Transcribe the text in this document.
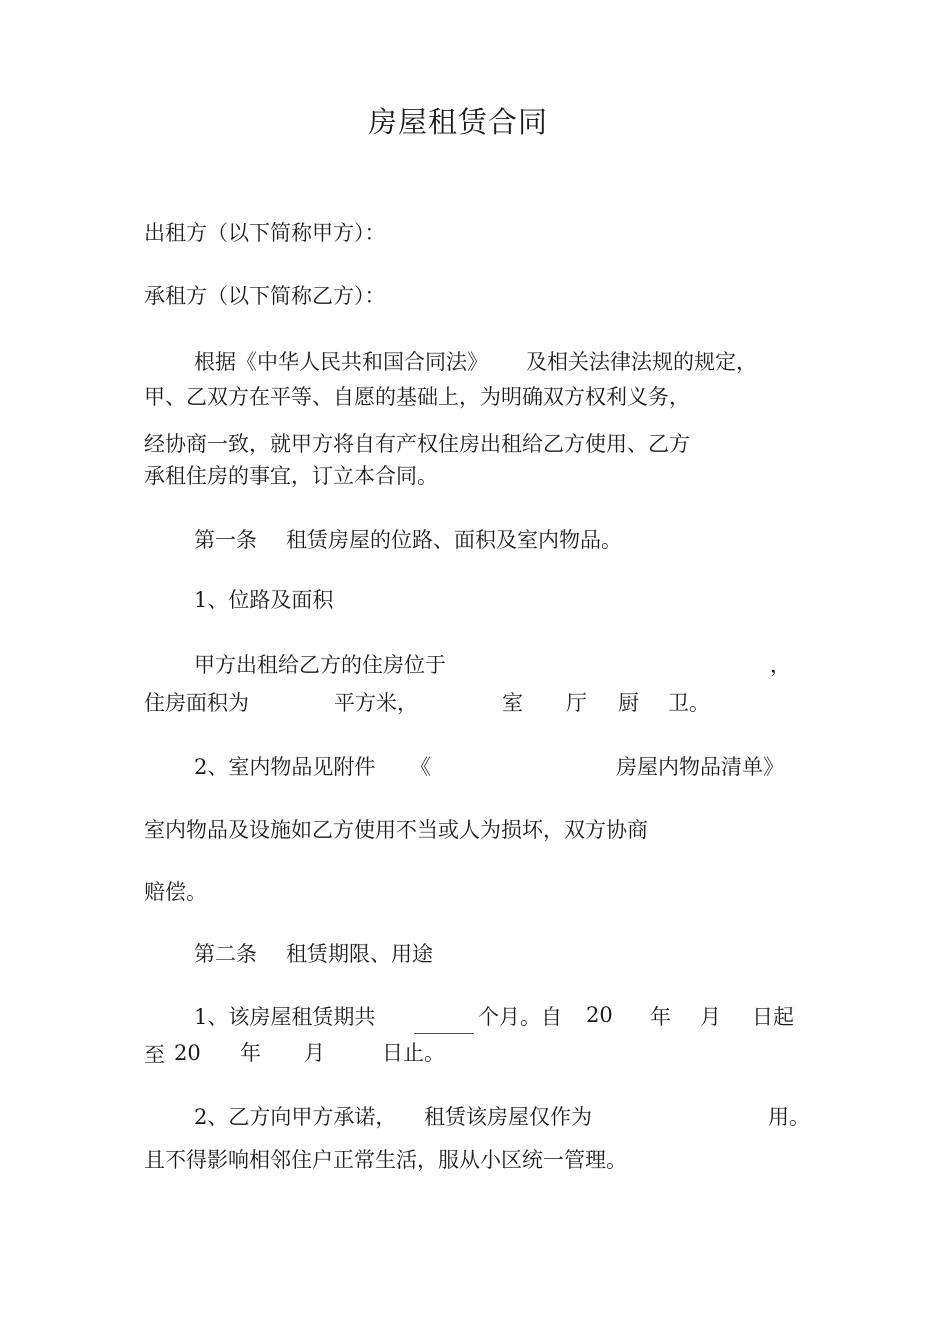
房屋租赁合同
出租方（以下简称甲方）：
承租方（以下简称乙方）：
根据《中华人民共和国合同法》 及相关法律法规的规定，
甲、乙双方在平等、自愿的基础上，为明确双方权利义务，
经协商一致，就甲方将自有产权住房出租给乙方使用、乙方
承租住房的事宜，订立本合同。
第一条 租赁房屋的位路、面积及室内物品。
1、位路及面积
甲方出租给乙方的住房位于	，
住房面积为	平方米，	室 厅 厨 卫。
2、室内物品见附件 《	房屋内物品清单》
室内物品及设施如乙方使用不当或人为损坏，双方协商
赔偿。
第二条 租赁期限、用途
1、该房屋租赁期共	个月。自 20 年 月 日起
至 20 年 月	日止。
2、乙方向甲方承诺， 租赁该房屋仅作为	用。
且不得影响相邻住户正常生活，服从小区统一管理。
